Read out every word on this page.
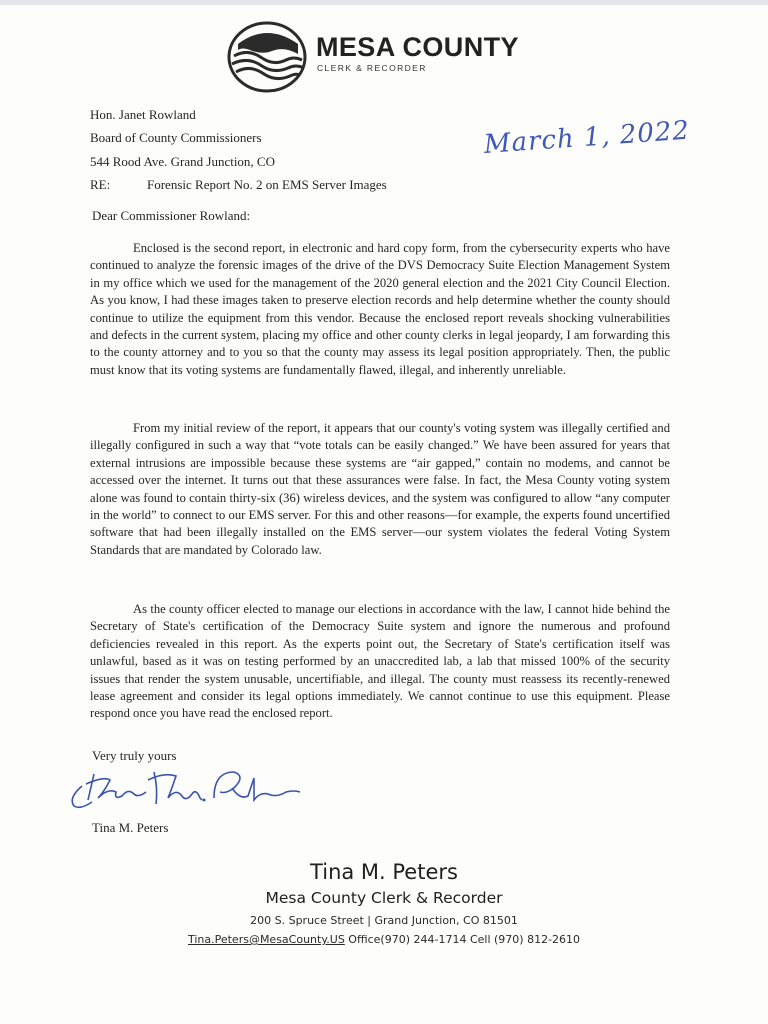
MESA COUNTY
CLERK & RECORDER
Hon. Janet Rowland
Board of County Commissioners
544 Rood Ave. Grand Junction, CO
RE:	Forensic Report No. 2 on EMS Server Images
March 1, 2022
Dear Commissioner Rowland:

Enclosed is the second report, in electronic and hard copy form, from the cybersecurity experts who have continued to analyze the forensic images of the drive of the DVS Democracy Suite Election Management System in my office which we used for the management of the 2020 general election and the 2021 City Council Election. As you know, I had these images taken to preserve election records and help determine whether the county should continue to utilize the equipment from this vendor. Because the enclosed report reveals shocking vulnerabilities and defects in the current system, placing my office and other county clerks in legal jeopardy, I am forwarding this to the county attorney and to you so that the county may assess its legal position appropriately. Then, the public must know that its voting systems are fundamentally flawed, illegal, and inherently unreliable.

From my initial review of the report, it appears that our county's voting system was illegally certified and illegally configured in such a way that “vote totals can be easily changed.” We have been assured for years that external intrusions are impossible because these systems are “air gapped,” contain no modems, and cannot be accessed over the internet. It turns out that these assurances were false. In fact, the Mesa County voting system alone was found to contain thirty-six (36) wireless devices, and the system was configured to allow “any computer in the world” to connect to our EMS server. For this and other reasons—for example, the experts found uncertified software that had been illegally installed on the EMS server—our system violates the federal Voting System Standards that are mandated by Colorado law.

As the county officer elected to manage our elections in accordance with the law, I cannot hide behind the Secretary of State's certification of the Democracy Suite system and ignore the numerous and profound deficiencies revealed in this report. As the experts point out, the Secretary of State's certification itself was unlawful, based as it was on testing performed by an unaccredited lab, a lab that missed 100% of the security issues that render the system unusable, uncertifiable, and illegal. The county must reassess its recently-renewed lease agreement and consider its legal options immediately. We cannot continue to use this equipment. Please respond once you have read the enclosed report.

Very truly yours
Tina M. Peters
Tina M. Peters
Mesa County Clerk & Recorder
200 S. Spruce Street | Grand Junction, CO 81501
Tina.Peters@MesaCounty.US Office(970) 244-1714 Cell (970) 812-2610
